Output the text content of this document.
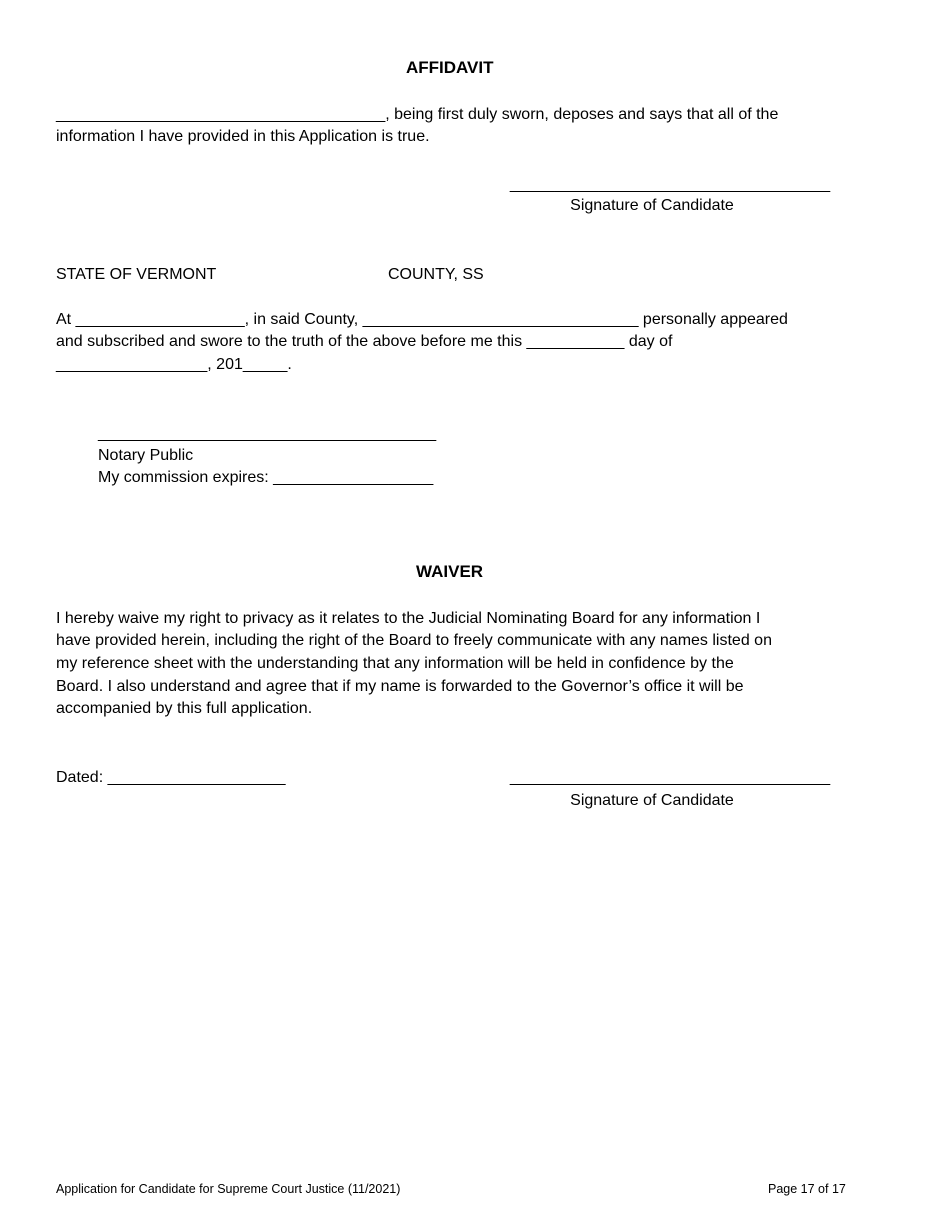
AFFIDAVIT
_____________________________________, being first duly sworn, deposes and says that all of the
information I have provided in this Application is true.
____________________________________
Signature of Candidate
STATE OF VERMONT	COUNTY, SS
At ___________________, in said County, _______________________________ personally appeared
and subscribed and swore to the truth of the above before me this ___________ day of
_________________, 201_____.
______________________________________
Notary Public
My commission expires: __________________
WAIVER
I hereby waive my right to privacy as it relates to the Judicial Nominating Board for any information I
have provided herein, including the right of the Board to freely communicate with any names listed on
my reference sheet with the understanding that any information will be held in confidence by the
Board. I also understand and agree that if my name is forwarded to the Governor’s office it will be
accompanied by this full application.
Dated: ____________________	____________________________________
Signature of Candidate
Application for Candidate for Supreme Court Justice (11/2021)	Page 17 of 17
